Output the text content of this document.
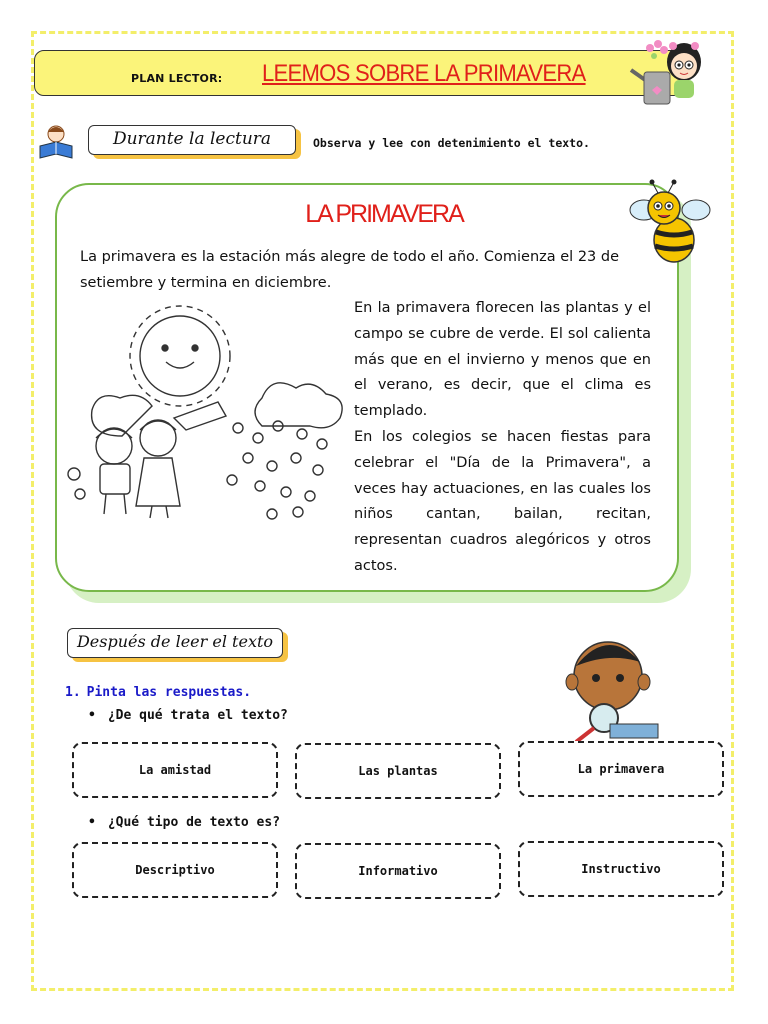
PLAN LECTOR: LEEMOS SOBRE LA PRIMAVERA
Durante la lectura	Observa y lee con detenimiento el texto.
LA PRIMAVERA

La primavera es la estación más alegre de todo el año. Comienza el 23 de setiembre y termina en diciembre.

En la primavera florecen las plantas y el campo se cubre de verde. El sol calienta más que en el invierno y menos que en el verano, es decir, que el clima es templado.
En los colegios se hacen fiestas para celebrar el "Día de la Primavera", a veces hay actuaciones, en las cuales los niños cantan, bailan, recitan, representan cuadros alegóricos y otros actos.
Después de leer el texto
1. Pinta las respuestas.
• ¿De qué trata el texto?
La amistad	Las plantas	La primavera
• ¿Qué tipo de texto es?
Descriptivo	Informativo	Instructivo
